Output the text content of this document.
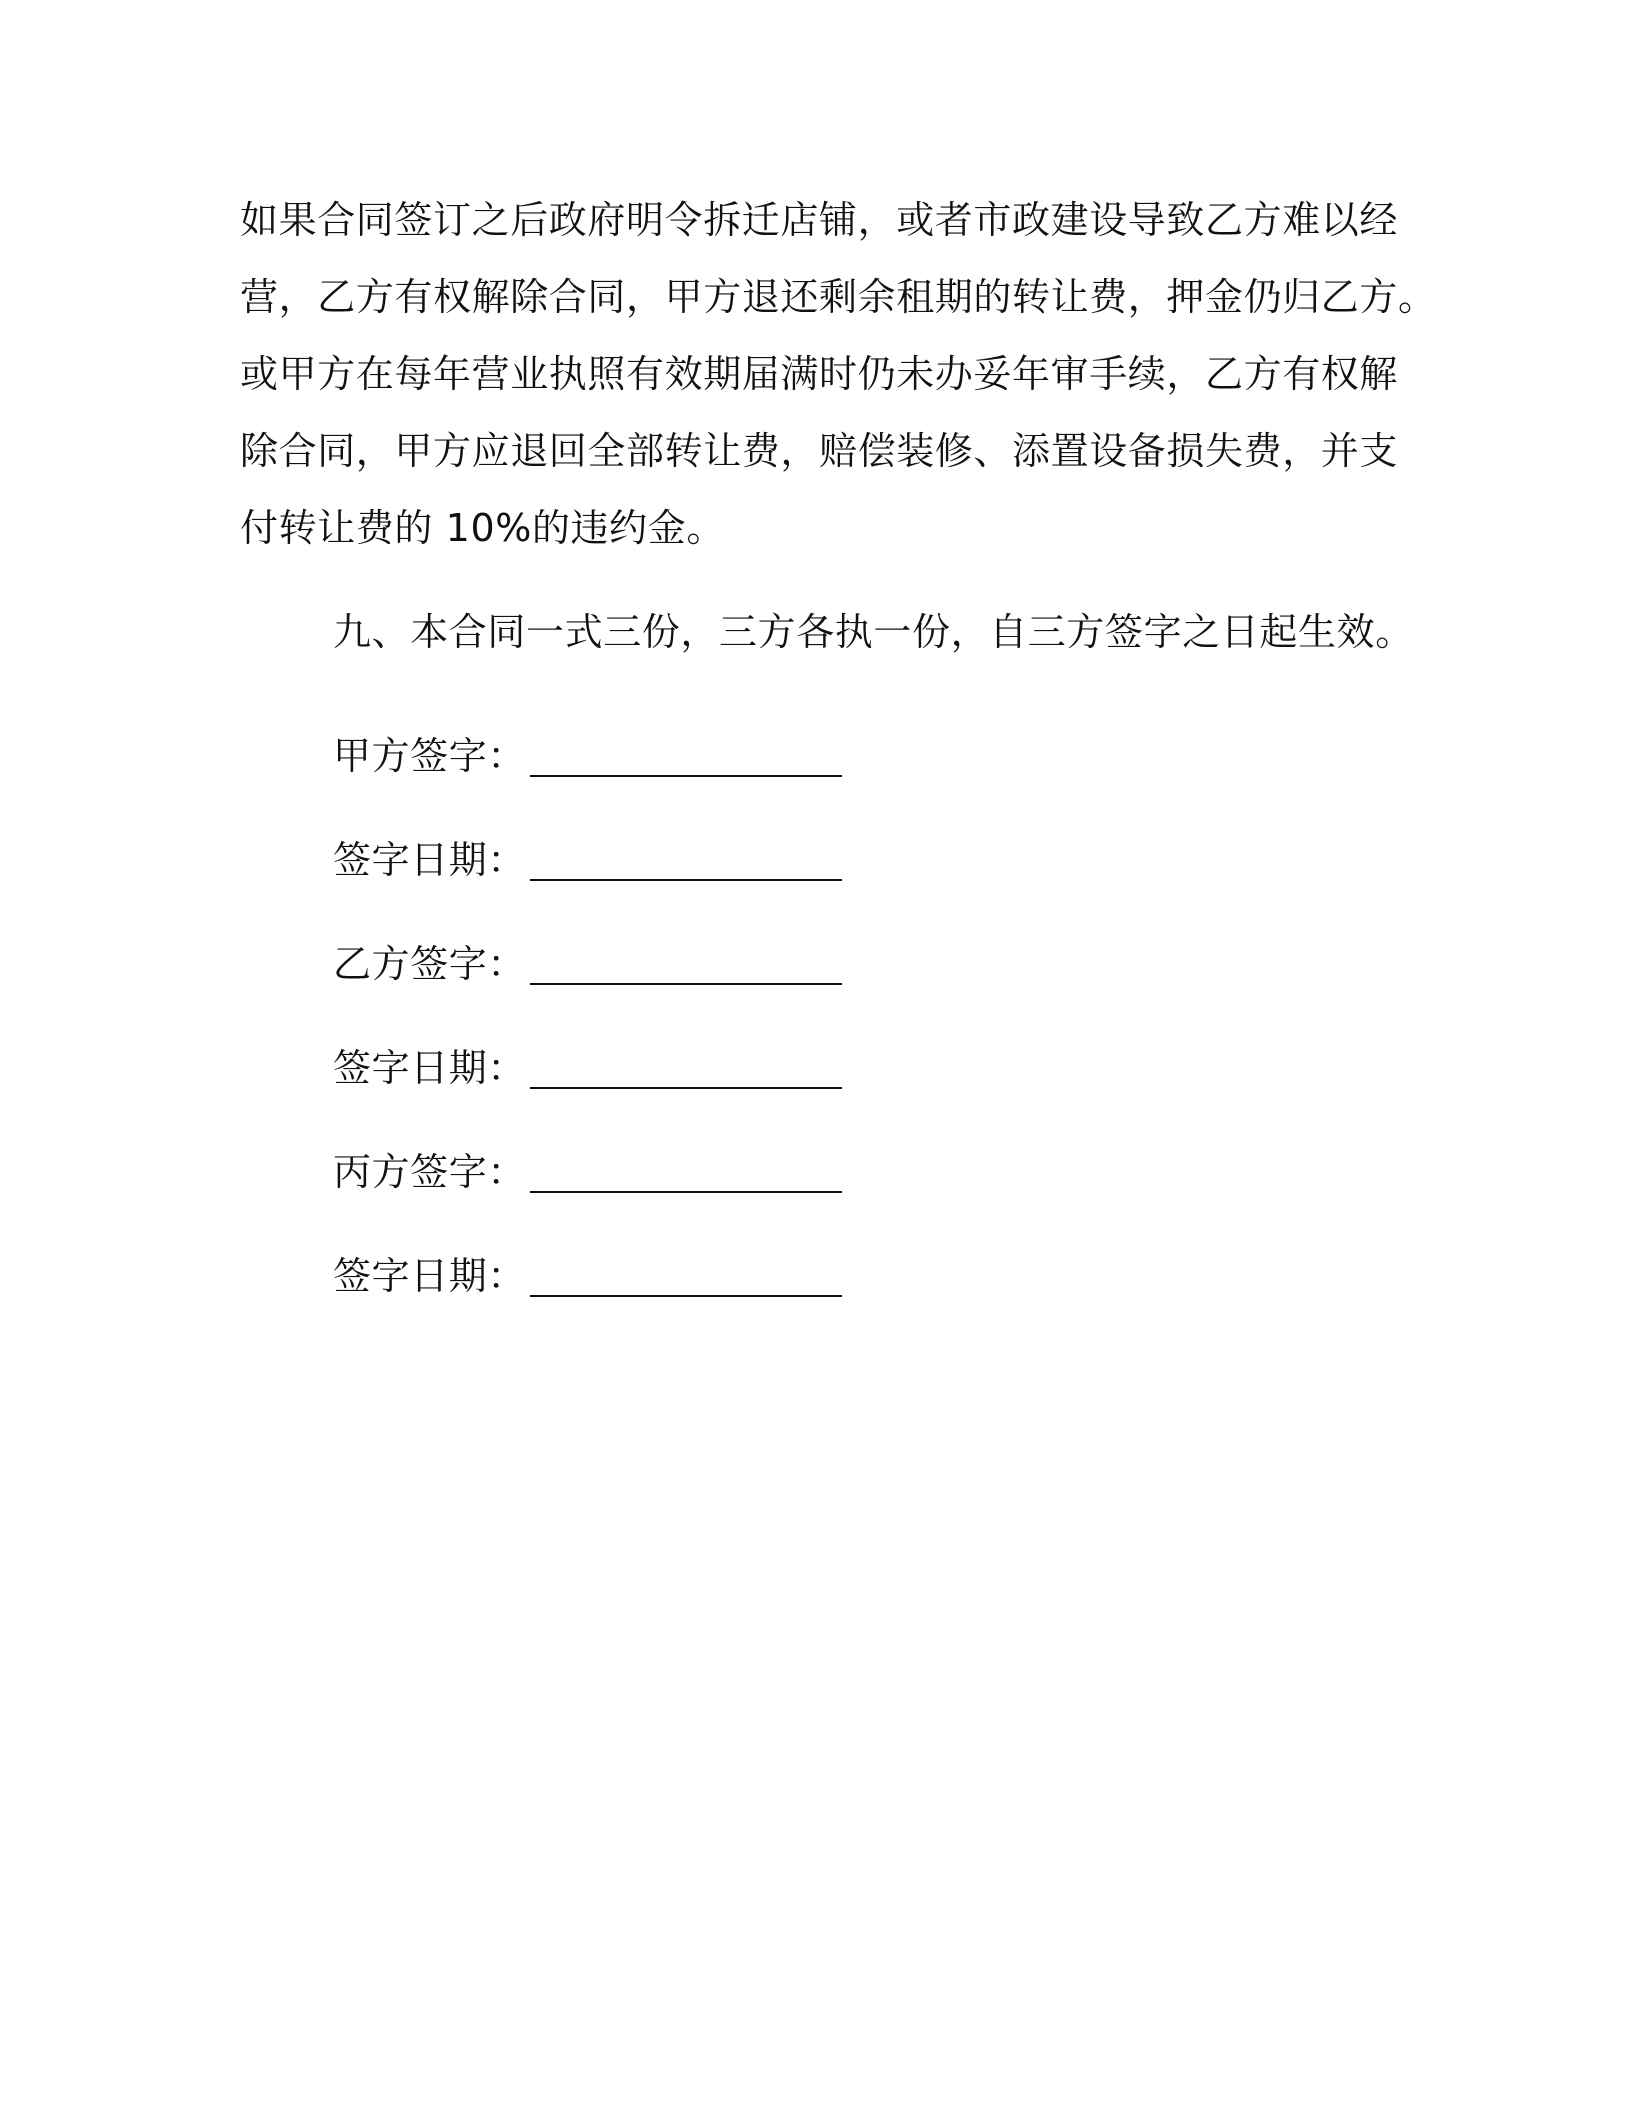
如果合同签订之后政府明令拆迁店铺，或者市政建设导致乙方难以经
营，乙方有权解除合同，甲方退还剩余租期的转让费，押金仍归乙方。
或甲方在每年营业执照有效期届满时仍未办妥年审手续，乙方有权解
除合同，甲方应退回全部转让费，赔偿装修、添置设备损失费，并支
付转让费的 10%的违约金。

九、本合同一式三份，三方各执一份，自三方签字之日起生效。

甲方签字：
签字日期：
乙方签字：
签字日期：
丙方签字：
签字日期：
